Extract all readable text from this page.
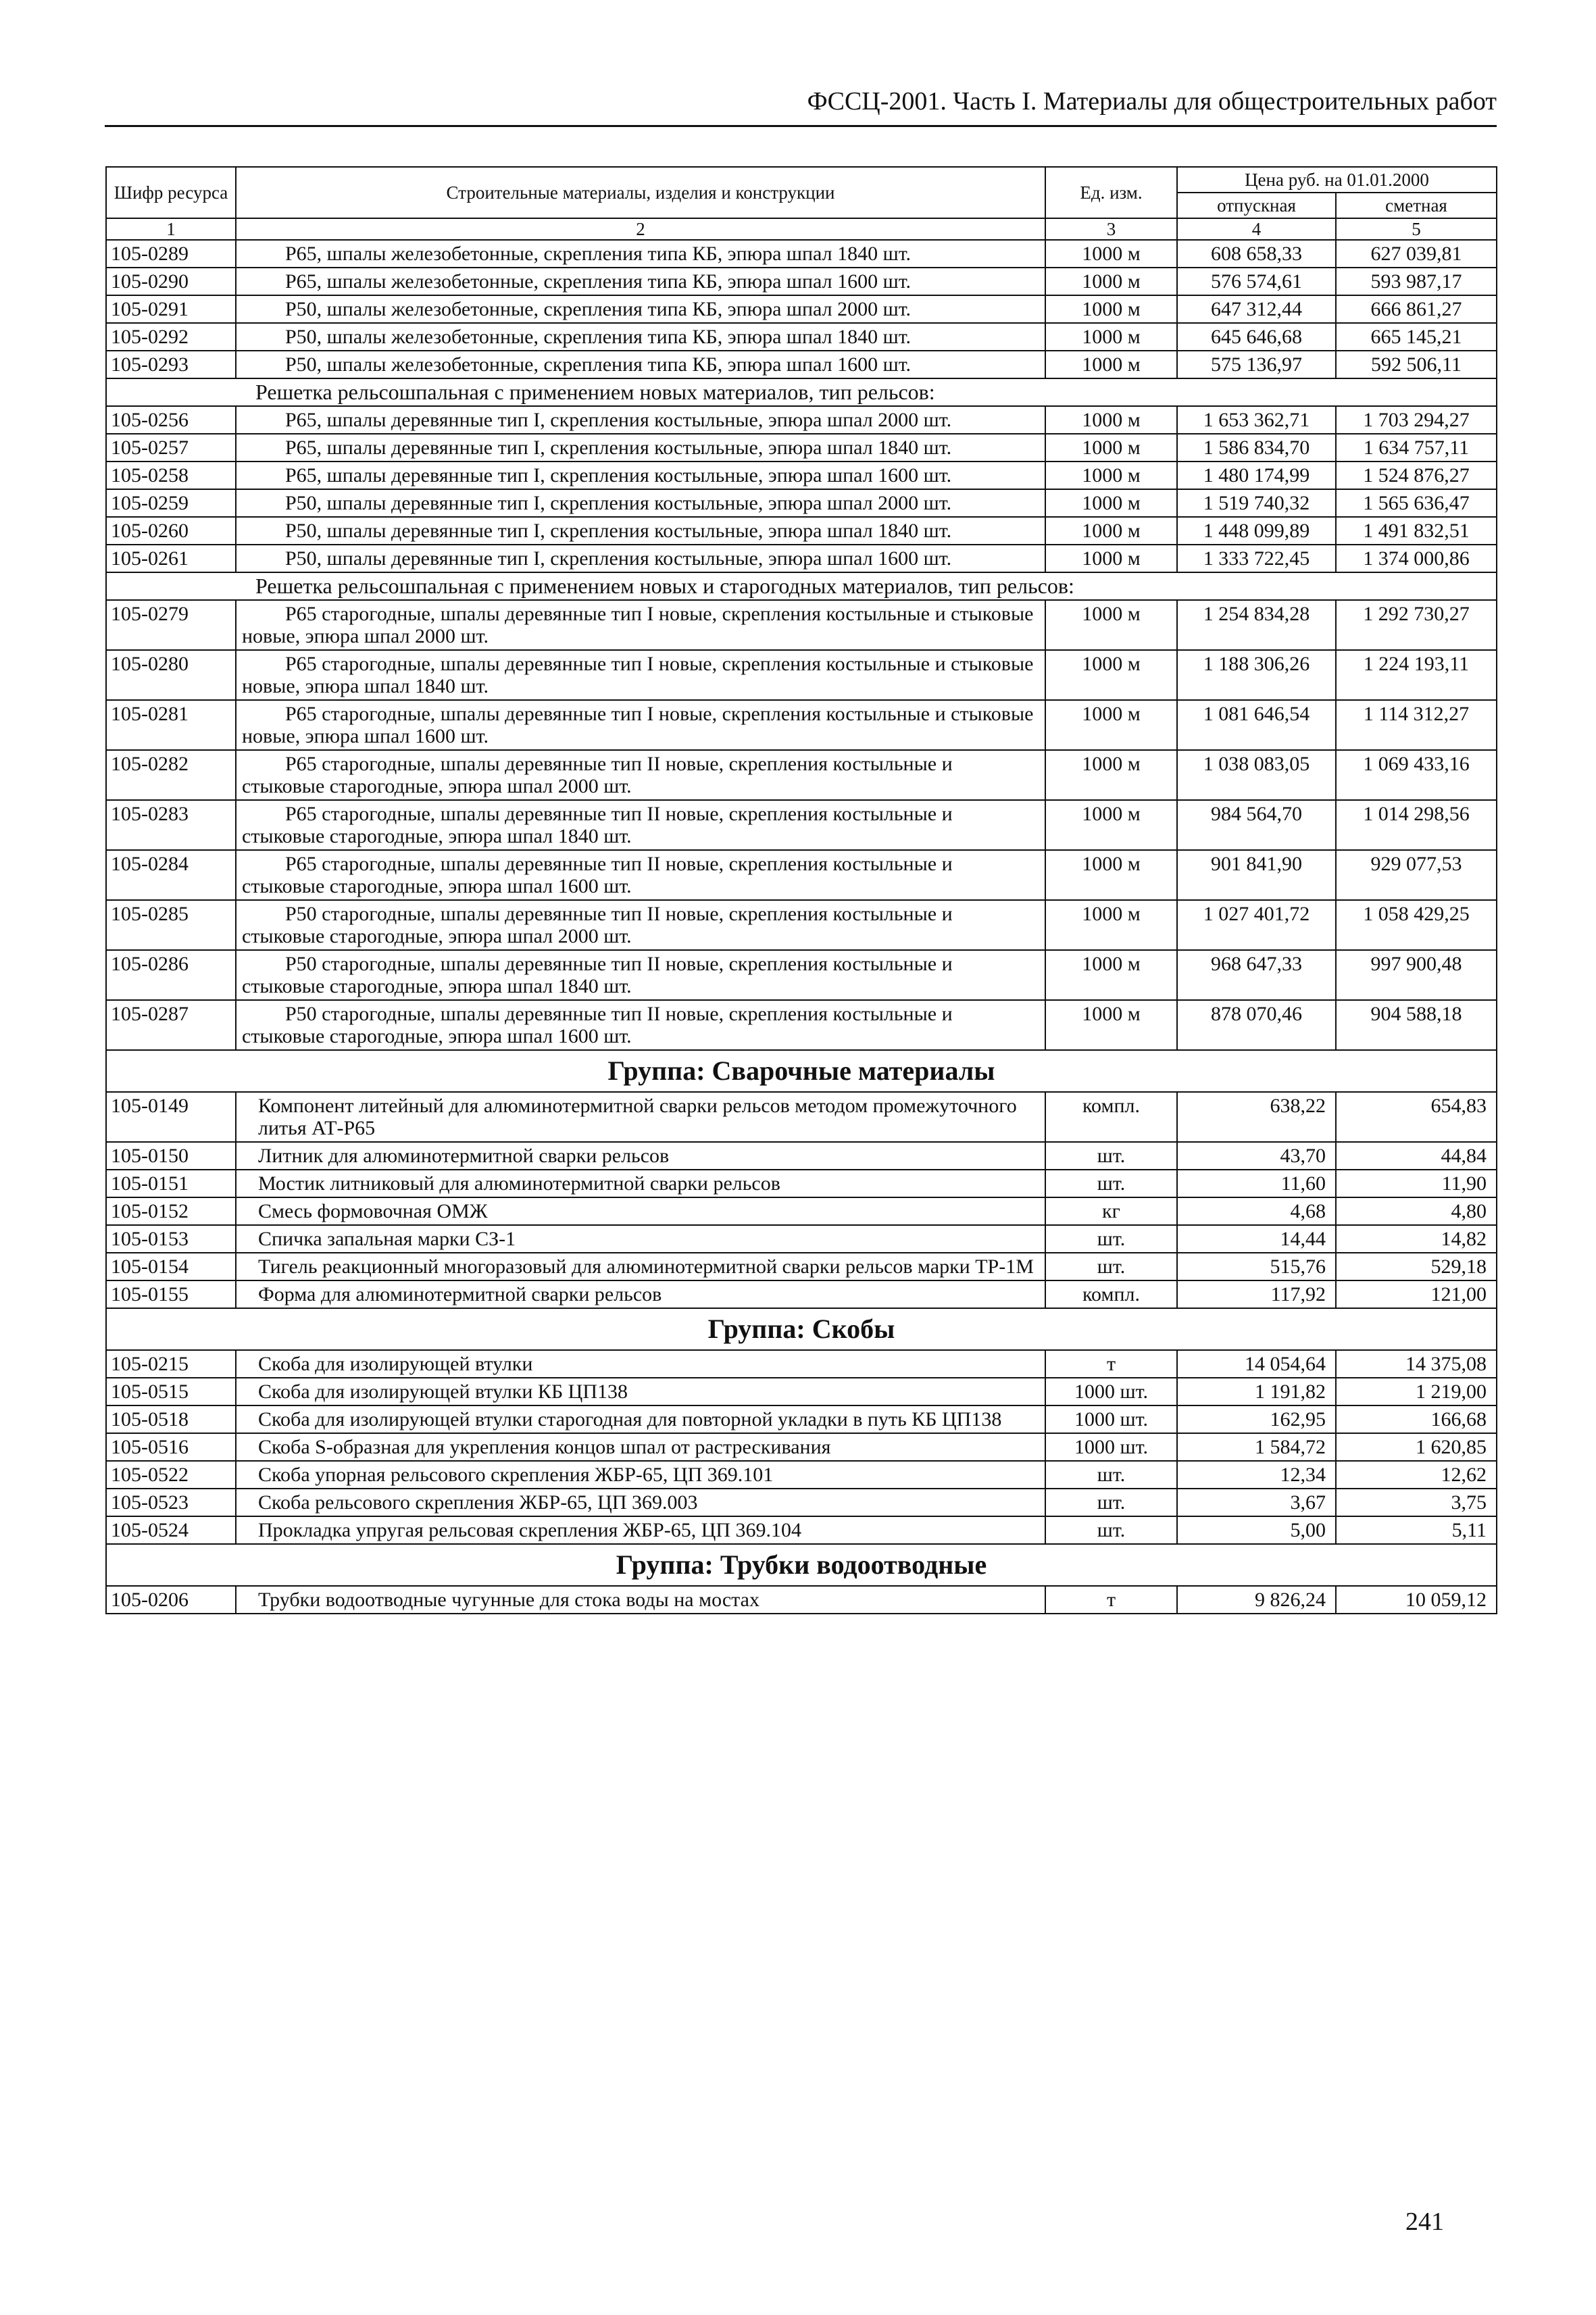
ФССЦ-2001. Часть I. Материалы для общестроительных работ
Шифр ресурса	Строительные материалы, изделия и конструкции	Ед. изм.	Цена руб. на 01.01.2000	
			отпускная	сметная
1	2	3	4	5
105-0289	Р65, шпалы железобетонные, скрепления типа КБ, эпюра шпал 1840 шт.	1000 м	608 658,33	627 039,81
105-0290	Р65, шпалы железобетонные, скрепления типа КБ, эпюра шпал 1600 шт.	1000 м	576 574,61	593 987,17
105-0291	Р50, шпалы железобетонные, скрепления типа КБ, эпюра шпал 2000 шт.	1000 м	647 312,44	666 861,27
105-0292	Р50, шпалы железобетонные, скрепления типа КБ, эпюра шпал 1840 шт.	1000 м	645 646,68	665 145,21
105-0293	Р50, шпалы железобетонные, скрепления типа КБ, эпюра шпал 1600 шт.	1000 м	575 136,97	592 506,11
Решетка рельсошпальная с применением новых материалов, тип рельсов:				
105-0256	Р65, шпалы деревянные тип I, скрепления костыльные, эпюра шпал 2000 шт.	1000 м	1 653 362,71	1 703 294,27
105-0257	Р65, шпалы деревянные тип I, скрепления костыльные, эпюра шпал 1840 шт.	1000 м	1 586 834,70	1 634 757,11
105-0258	Р65, шпалы деревянные тип I, скрепления костыльные, эпюра шпал 1600 шт.	1000 м	1 480 174,99	1 524 876,27
105-0259	Р50, шпалы деревянные тип I, скрепления костыльные, эпюра шпал 2000 шт.	1000 м	1 519 740,32	1 565 636,47
105-0260	Р50, шпалы деревянные тип I, скрепления костыльные, эпюра шпал 1840 шт.	1000 м	1 448 099,89	1 491 832,51
105-0261	Р50, шпалы деревянные тип I, скрепления костыльные, эпюра шпал 1600 шт.	1000 м	1 333 722,45	1 374 000,86
Решетка рельсошпальная с применением новых и старогодных материалов, тип рельсов:				
105-0279	Р65 старогодные, шпалы деревянные тип I новые, скрепления костыльные и стыковые новые, эпюра шпал 2000 шт.	1000 м	1 254 834,28	1 292 730,27
105-0280	Р65 старогодные, шпалы деревянные тип I новые, скрепления костыльные и стыковые новые, эпюра шпал 1840 шт.	1000 м	1 188 306,26	1 224 193,11
105-0281	Р65 старогодные, шпалы деревянные тип I новые, скрепления костыльные и стыковые новые, эпюра шпал 1600 шт.	1000 м	1 081 646,54	1 114 312,27
105-0282	Р65 старогодные, шпалы деревянные тип II новые, скрепления костыльные и стыковые старогодные, эпюра шпал 2000 шт.	1000 м	1 038 083,05	1 069 433,16
105-0283	Р65 старогодные, шпалы деревянные тип II новые, скрепления костыльные и стыковые старогодные, эпюра шпал 1840 шт.	1000 м	984 564,70	1 014 298,56
105-0284	Р65 старогодные, шпалы деревянные тип II новые, скрепления костыльные и стыковые старогодные, эпюра шпал 1600 шт.	1000 м	901 841,90	929 077,53
105-0285	Р50 старогодные, шпалы деревянные тип II новые, скрепления костыльные и стыковые старогодные, эпюра шпал 2000 шт.	1000 м	1 027 401,72	1 058 429,25
105-0286	Р50 старогодные, шпалы деревянные тип II новые, скрепления костыльные и стыковые старогодные, эпюра шпал 1840 шт.	1000 м	968 647,33	997 900,48
105-0287	Р50 старогодные, шпалы деревянные тип II новые, скрепления костыльные и стыковые старогодные, эпюра шпал 1600 шт.	1000 м	878 070,46	904 588,18
Группа: Сварочные материалы				
105-0149	Компонент литейный для алюминотермитной сварки рельсов методом промежуточного литья АТ-Р65	компл.	638,22	654,83
105-0150	Литник для алюминотермитной сварки рельсов	шт.	43,70	44,84
105-0151	Мостик литниковый для алюминотермитной сварки рельсов	шт.	11,60	11,90
105-0152	Смесь формовочная ОМЖ	кг	4,68	4,80
105-0153	Спичка запальная марки СЗ-1	шт.	14,44	14,82
105-0154	Тигель реакционный многоразовый для алюминотермитной сварки рельсов марки ТР-1М	шт.	515,76	529,18
105-0155	Форма для алюминотермитной сварки рельсов	компл.	117,92	121,00
Группа: Скобы				
105-0215	Скоба для изолирующей втулки	т	14 054,64	14 375,08
105-0515	Скоба для изолирующей втулки КБ ЦП138	1000 шт.	1 191,82	1 219,00
105-0518	Скоба для изолирующей втулки старогодная для повторной укладки в путь КБ ЦП138	1000 шт.	162,95	166,68
105-0516	Скоба S-образная для укрепления концов шпал от растрескивания	1000 шт.	1 584,72	1 620,85
105-0522	Скоба упорная рельсового скрепления ЖБР-65, ЦП 369.101	шт.	12,34	12,62
105-0523	Скоба рельсового скрепления ЖБР-65, ЦП 369.003	шт.	3,67	3,75
105-0524	Прокладка упругая рельсовая скрепления ЖБР-65, ЦП 369.104	шт.	5,00	5,11
Группа: Трубки водоотводные				
105-0206	Трубки водоотводные чугунные для стока воды на мостах	т	9 826,24	10 059,12
241
